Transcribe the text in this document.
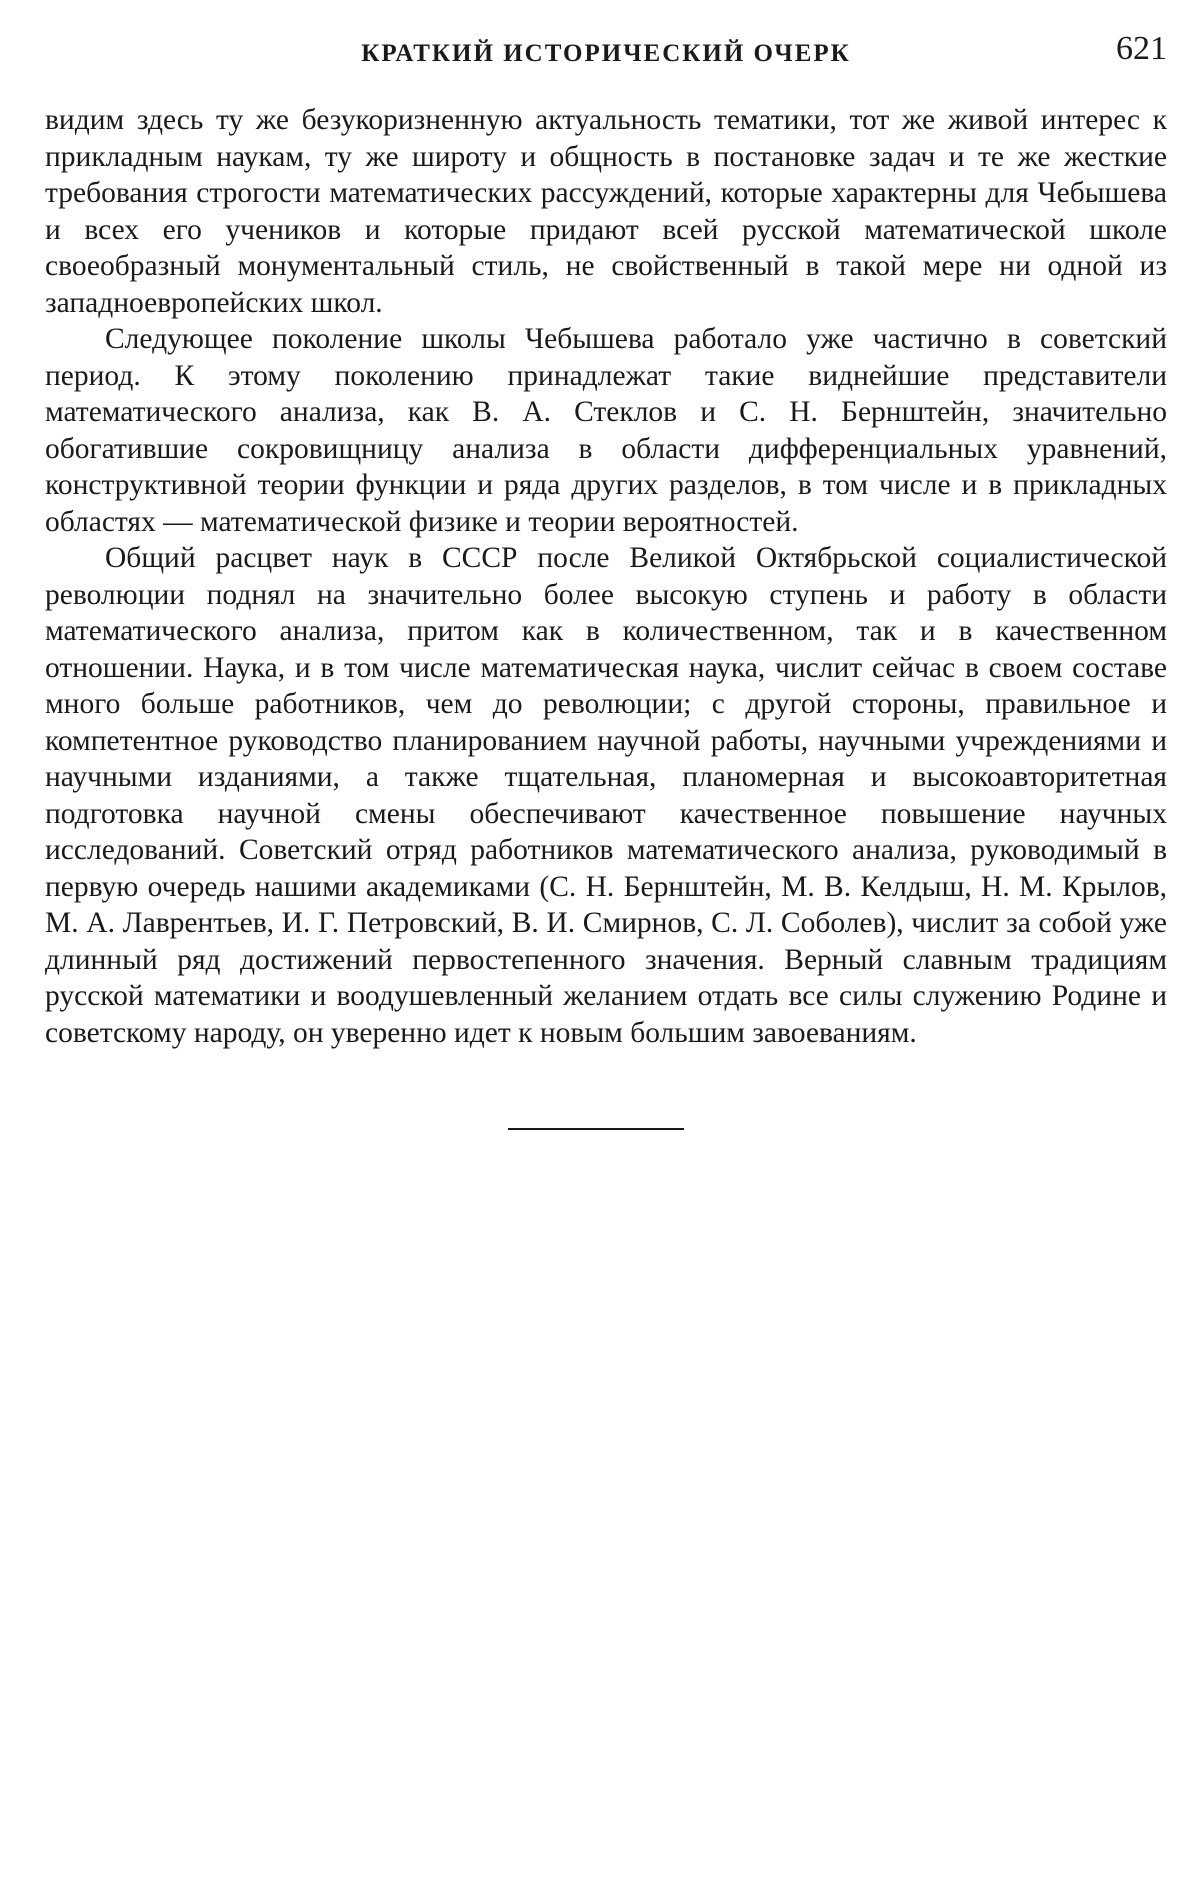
КРАТКИЙ ИСТОРИЧЕСКИЙ ОЧЕРК	621

видим здесь ту же безукоризненную актуальность тематики, тот же живой интерес к прикладным наукам, ту же широту и общность в постановке задач и те же жесткие требования строгости математических рассуждений, которые характерны для Чебышева и всех его учеников и которые придают всей русской математической школе своеобразный монументальный стиль, не свойственный в такой мере ни одной из западноевропейских школ.

Следующее поколение школы Чебышева работало уже частично в советский период. К этому поколению принадлежат такие виднейшие представители математического анализа, как В. А. Стеклов и С. Н. Бернштейн, значительно обогатившие сокровищницу анализа в области дифференциальных уравнений, конструктивной теории функции и ряда других разделов, в том числе и в прикладных областях — математической физике и теории вероятностей.

Общий расцвет наук в СССР после Великой Октябрьской социалистической революции поднял на значительно более высокую ступень и работу в области математического анализа, притом как в количественном, так и в качественном отношении. Наука, и в том числе математическая наука, числит сейчас в своем составе много больше работников, чем до революции; с другой стороны, правильное и компетентное руководство планированием научной работы, научными учреждениями и научными изданиями, а также тщательная, планомерная и высокоавторитетная подготовка научной смены обеспечивают качественное повышение научных исследований. Советский отряд работников математического анализа, руководимый в первую очередь нашими академиками (С. Н. Бернштейн, М. В. Келдыш, Н. М. Крылов, М. А. Лаврентьев, И. Г. Петровский, В. И. Смирнов, С. Л. Соболев), числит за собой уже длинный ряд достижений первостепенного значения. Верный славным традициям русской математики и воодушевленный желанием отдать все силы служению Родине и советскому народу, он уверенно идет к новым большим завоеваниям.
